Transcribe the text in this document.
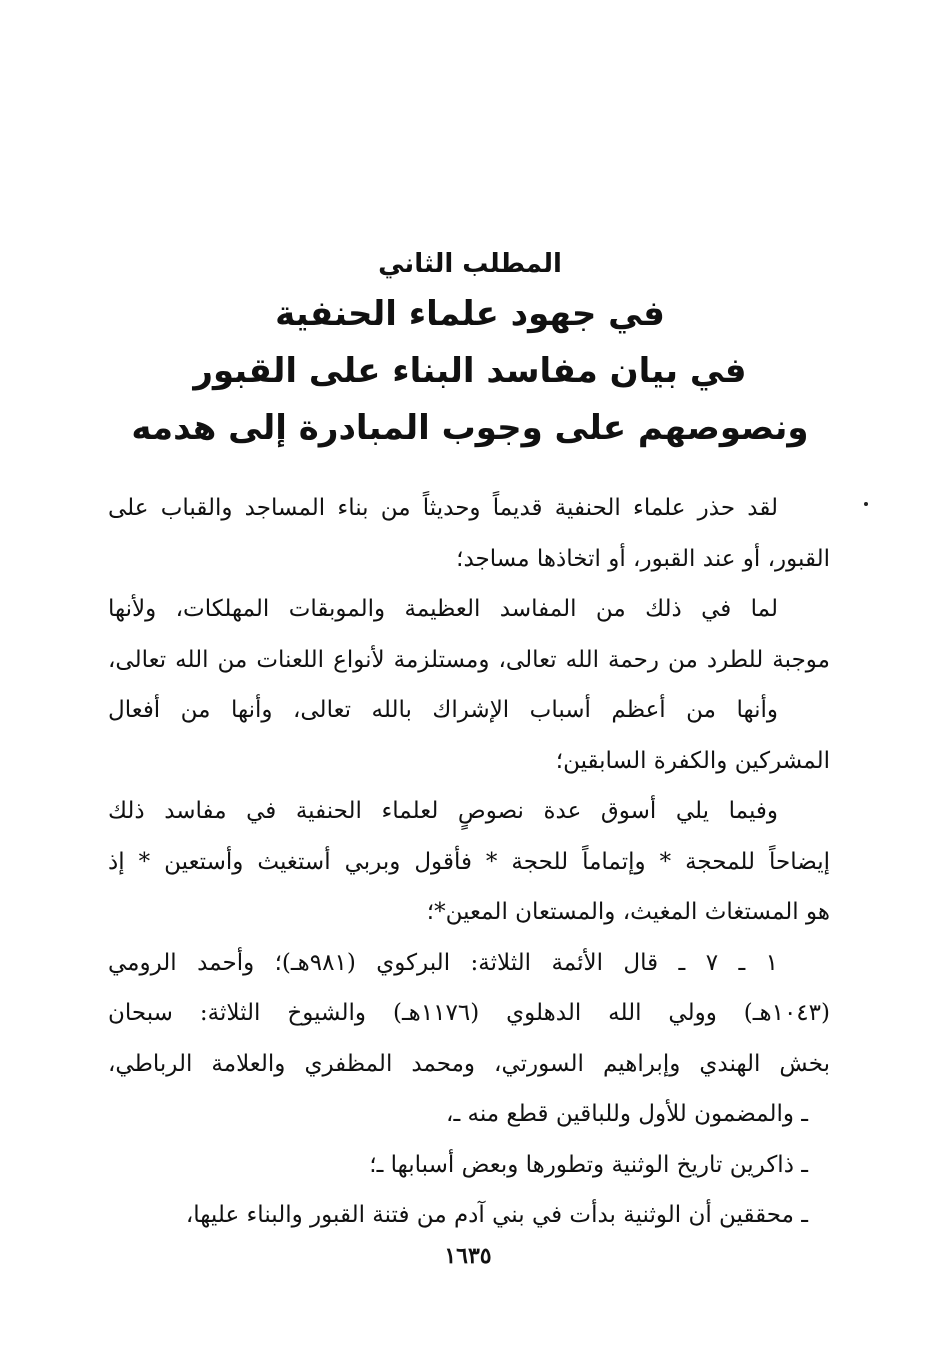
المطلب الثاني
في جهود علماء الحنفية
في بيان مفاسد البناء على القبور
ونصوصهم على وجوب المبادرة إلى هدمه
لقد حذر علماء الحنفية قديماً وحديثاً من بناء المساجد والقباب على
القبور، أو عند القبور، أو اتخاذها مساجد؛
لما في ذلك من المفاسد العظيمة والموبقات المهلكات، ولأنها
موجبة للطرد من رحمة الله تعالى، ومستلزمة لأنواع اللعنات من الله تعالى،
وأنها من أعظم أسباب الإشراك بالله تعالى، وأنها من أفعال
المشركين والكفرة السابقين؛
وفيما يلي أسوق عدة نصوصٍ لعلماء الحنفية في مفاسد ذلك
إيضاحاً للمحجة * وإتماماً للحجة * فأقول وبربي أستغيث وأستعين * إذ
هو المستغاث المغيث، والمستعان المعين*؛
١ ـ ٧ ـ قال الأئمة الثلاثة: البركوي (٩٨١هـ)؛ وأحمد الرومي
(١٠٤٣هـ) وولي الله الدهلوي (١١٧٦هـ) والشيوخ الثلاثة: سبحان
بخش الهندي وإبراهيم السورتي، ومحمد المظفري والعلامة الرباطي،
ـ والمضمون للأول وللباقين قطع منه ـ،
ـ ذاكرين تاريخ الوثنية وتطورها وبعض أسبابها ـ؛
ـ محققين أن الوثنية بدأت في بني آدم من فتنة القبور والبناء عليها،
١٦٣٥
